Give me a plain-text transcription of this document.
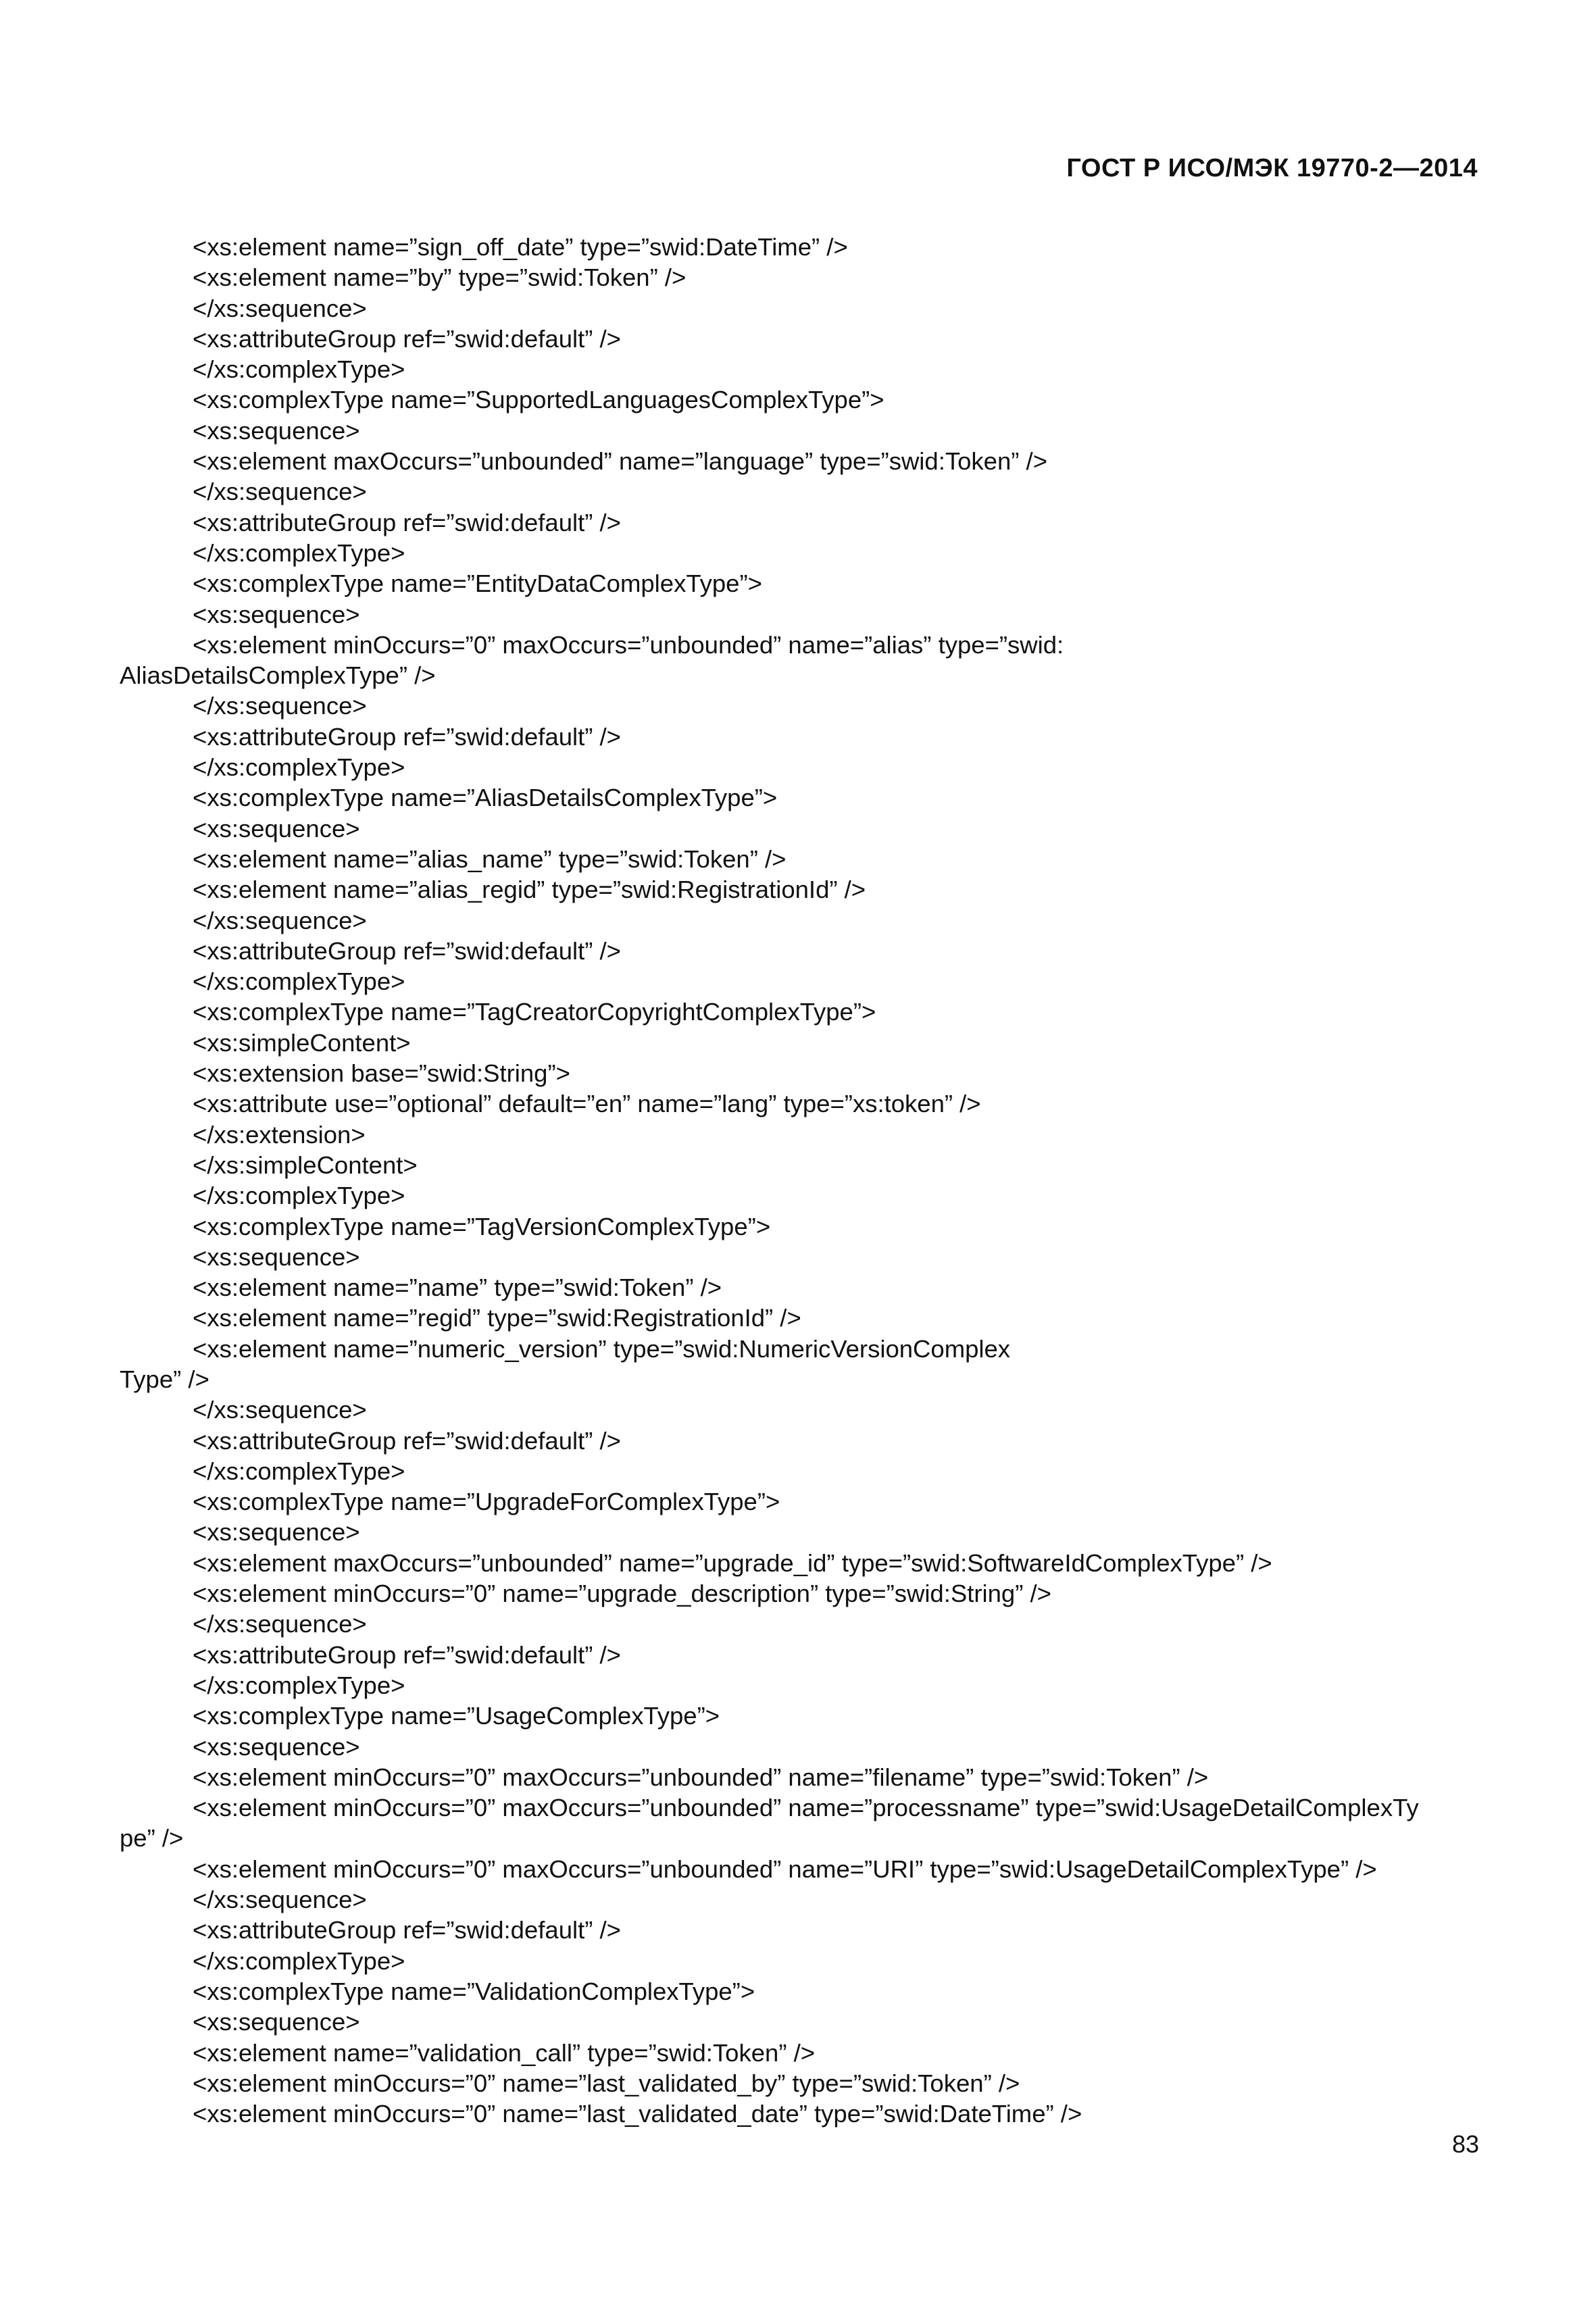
ГОСТ Р ИСО/МЭК 19770-2—2014
<xs:element name=”sign_off_date” type=”swid:DateTime” />
<xs:element name=”by” type=”swid:Token” />
</xs:sequence>
<xs:attributeGroup ref=”swid:default” />
</xs:complexType>
<xs:complexType name=”SupportedLanguagesComplexType”>
<xs:sequence>
<xs:element maxOccurs=”unbounded” name=”language” type=”swid:Token” />
</xs:sequence>
<xs:attributeGroup ref=”swid:default” />
</xs:complexType>
<xs:complexType name=”EntityDataComplexType”>
<xs:sequence>
<xs:element minOccurs=”0” maxOccurs=”unbounded” name=”alias” type=”swid:
AliasDetailsComplexType” />
</xs:sequence>
<xs:attributeGroup ref=”swid:default” />
</xs:complexType>
<xs:complexType name=”AliasDetailsComplexType”>
<xs:sequence>
<xs:element name=”alias_name” type=”swid:Token” />
<xs:element name=”alias_regid” type=”swid:RegistrationId” />
</xs:sequence>
<xs:attributeGroup ref=”swid:default” />
</xs:complexType>
<xs:complexType name=”TagCreatorCopyrightComplexType”>
<xs:simpleContent>
<xs:extension base=”swid:String”>
<xs:attribute use=”optional” default=”en” name=”lang” type=”xs:token” />
</xs:extension>
</xs:simpleContent>
</xs:complexType>
<xs:complexType name=”TagVersionComplexType”>
<xs:sequence>
<xs:element name=”name” type=”swid:Token” />
<xs:element name=”regid” type=”swid:RegistrationId” />
<xs:element name=”numeric_version” type=”swid:NumericVersionComplex
Type” />
</xs:sequence>
<xs:attributeGroup ref=”swid:default” />
</xs:complexType>
<xs:complexType name=”UpgradeForComplexType”>
<xs:sequence>
<xs:element maxOccurs=”unbounded” name=”upgrade_id” type=”swid:SoftwareIdComplexType” />
<xs:element minOccurs=”0” name=”upgrade_description” type=”swid:String” />
</xs:sequence>
<xs:attributeGroup ref=”swid:default” />
</xs:complexType>
<xs:complexType name=”UsageComplexType”>
<xs:sequence>
<xs:element minOccurs=”0” maxOccurs=”unbounded” name=”filename” type=”swid:Token” />
<xs:element minOccurs=”0” maxOccurs=”unbounded” name=”processname” type=”swid:UsageDetailComplexTy
pe” />
<xs:element minOccurs=”0” maxOccurs=”unbounded” name=”URI” type=”swid:UsageDetailComplexType” />
</xs:sequence>
<xs:attributeGroup ref=”swid:default” />
</xs:complexType>
<xs:complexType name=”ValidationComplexType”>
<xs:sequence>
<xs:element name=”validation_call” type=”swid:Token” />
<xs:element minOccurs=”0” name=”last_validated_by” type=”swid:Token” />
<xs:element minOccurs=”0” name=”last_validated_date” type=”swid:DateTime” />
83
